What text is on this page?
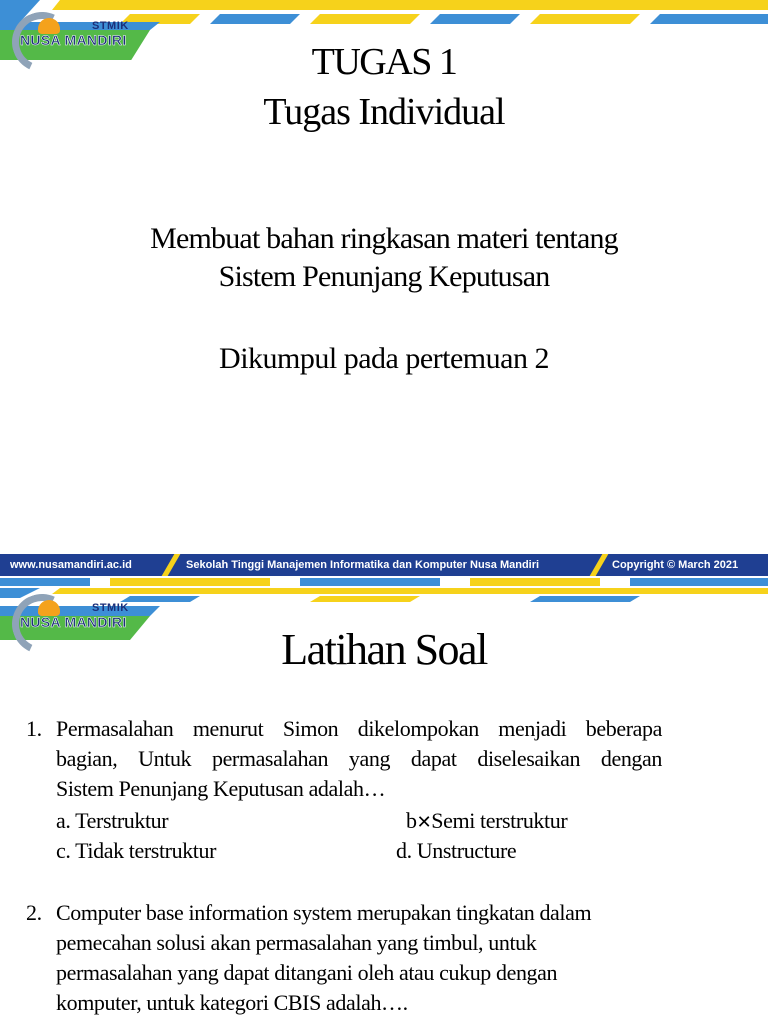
STMIK
NUSA MANDIRI
TUGAS 1
Tugas Individual
Membuat bahan ringkasan materi tentang
Sistem Penunjang Keputusan
Dikumpul pada pertemuan 2
www.nusamandiri.ac.id	Sekolah Tinggi Manajemen Informatika dan Komputer Nusa Mandiri	Copyright © March 2021
STMIK
NUSA MANDIRI
Latihan Soal
1. Permasalahan menurut Simon dikelompokan menjadi beberapa
bagian, Untuk permasalahan yang dapat diselesaikan dengan
Sistem Penunjang Keputusan adalah…
a. Terstruktur	b✕Semi terstruktur
c. Tidak terstruktur	d. Unstructure
2. Computer base information system merupakan tingkatan dalam
pemecahan solusi akan permasalahan yang timbul, untuk
permasalahan yang dapat ditangani oleh atau cukup dengan
komputer, untuk kategori CBIS adalah….
